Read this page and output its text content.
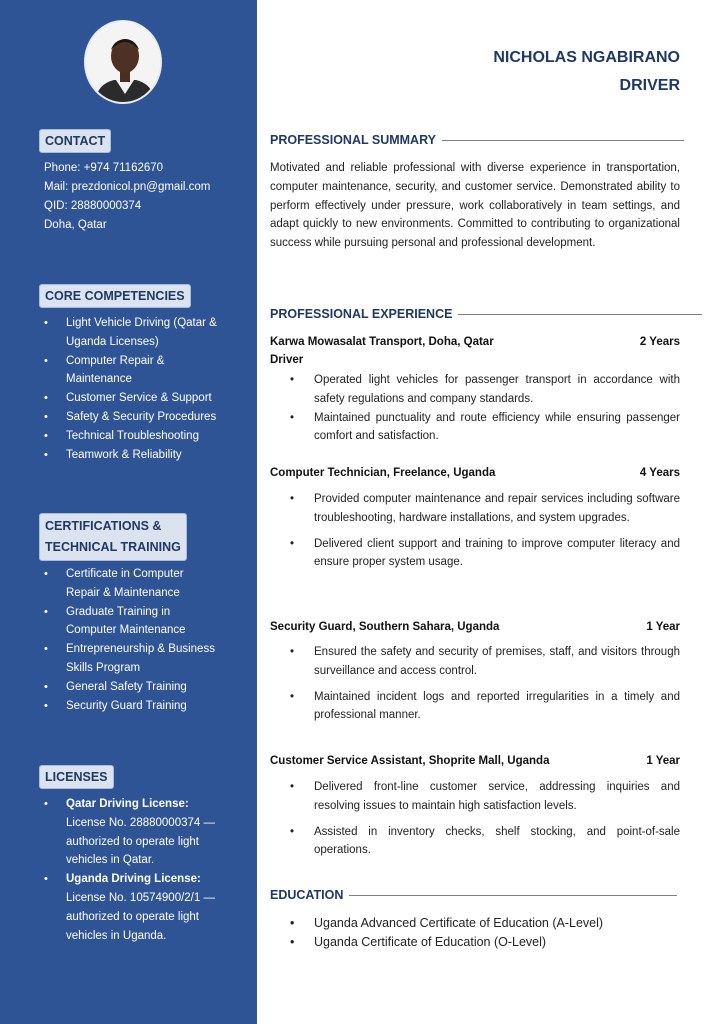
CONTACT
Phone: +974 71162670
Mail: prezdonicol.pn@gmail.com
QID: 28880000374
Doha, Qatar
CORE COMPETENCIES
• Light Vehicle Driving (Qatar &
Uganda Licenses)
• Computer Repair &
Maintenance
• Customer Service & Support
• Safety & Security Procedures
• Technical Troubleshooting
• Teamwork & Reliability
CERTIFICATIONS &
TECHNICAL TRAINING
• Certificate in Computer
Repair & Maintenance
• Graduate Training in
Computer Maintenance
• Entrepreneurship & Business
Skills Program
• General Safety Training
• Security Guard Training
LICENSES
• Qatar Driving License:
License No. 28880000374 —
authorized to operate light
vehicles in Qatar.
• Uganda Driving License:
License No. 10574900/2/1 —
authorized to operate light
vehicles in Uganda.
NICHOLAS NGABIRANO
DRIVER
PROFESSIONAL SUMMARY
Motivated and reliable professional with diverse experience in transportation, computer maintenance, security, and customer service. Demonstrated ability to perform effectively under pressure, work collaboratively in team settings, and adapt quickly to new environments. Committed to contributing to organizational success while pursuing personal and professional development.
PROFESSIONAL EXPERIENCE
Karwa Mowasalat Transport, Doha, Qatar	2 Years
Driver
• Operated light vehicles for passenger transport in accordance with safety regulations and company standards.
• Maintained punctuality and route efficiency while ensuring passenger comfort and satisfaction.
Computer Technician, Freelance, Uganda	4 Years
• Provided computer maintenance and repair services including software troubleshooting, hardware installations, and system upgrades.
• Delivered client support and training to improve computer literacy and ensure proper system usage.
Security Guard, Southern Sahara, Uganda	1 Year
• Ensured the safety and security of premises, staff, and visitors through surveillance and access control.
• Maintained incident logs and reported irregularities in a timely and professional manner.
Customer Service Assistant, Shoprite Mall, Uganda	1 Year
• Delivered front-line customer service, addressing inquiries and resolving issues to maintain high satisfaction levels.
• Assisted in inventory checks, shelf stocking, and point-of-sale operations.
EDUCATION
• Uganda Advanced Certificate of Education (A-Level)
• Uganda Certificate of Education (O-Level)
